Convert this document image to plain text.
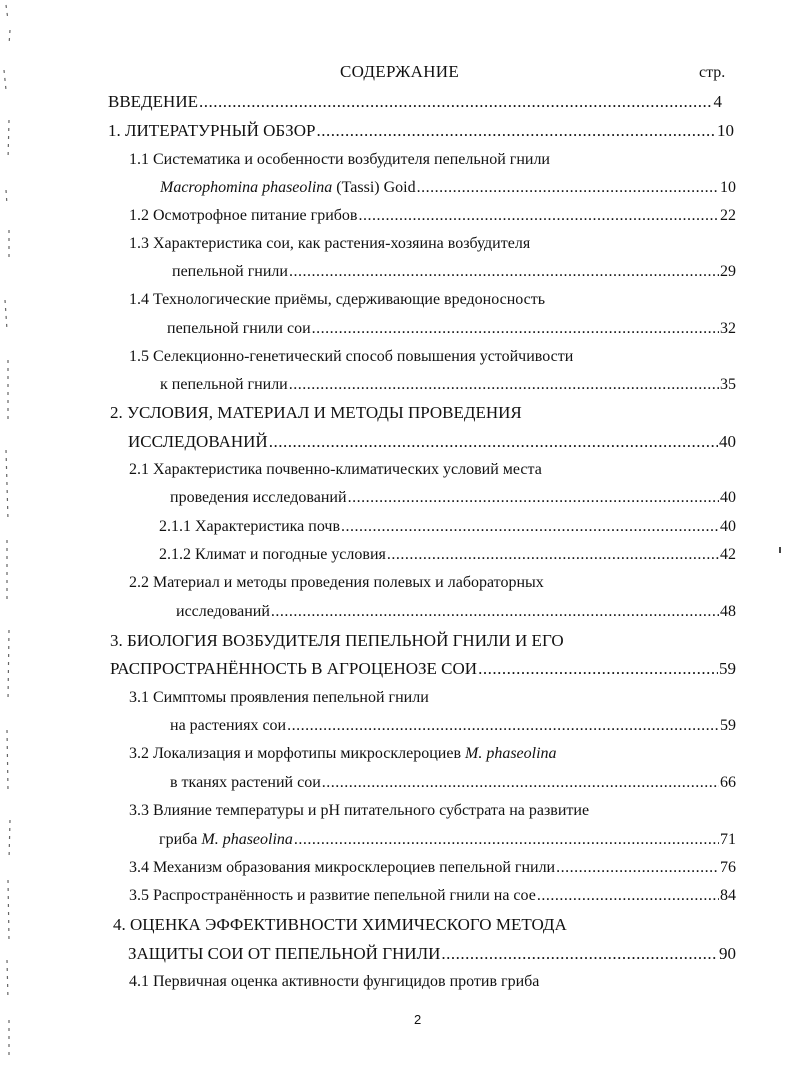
СОДЕРЖАНИЕ	стр.
ВВЕДЕНИЕ .....	4
1. ЛИТЕРАТУРНЫЙ ОБЗОР .....	10
1.1 Систематика и особенности возбудителя пепельной гнили
Macrophomina phaseolina (Tassi) Goid .....	10
1.2 Осмотрофное питание грибов .....	22
1.3 Характеристика сои, как растения-хозяина возбудителя
пепельной гнили .....	29
1.4 Технологические приёмы, сдерживающие вредоносность
пепельной гнили сои .....	32
1.5 Селекционно-генетический способ повышения устойчивости
к пепельной гнили .....	35
2. УСЛОВИЯ, МАТЕРИАЛ И МЕТОДЫ ПРОВЕДЕНИЯ
ИССЛЕДОВАНИЙ .....	40
2.1 Характеристика почвенно-климатических условий места
проведения исследований .....	40
2.1.1 Характеристика почв .....	40
2.1.2 Климат и погодные условия .....	42
2.2 Материал и методы проведения полевых и лабораторных
исследований .....	48
3. БИОЛОГИЯ ВОЗБУДИТЕЛЯ ПЕПЕЛЬНОЙ ГНИЛИ И ЕГО
РАСПРОСТРАНЁННОСТЬ В АГРОЦЕНОЗЕ СОИ .....	59
3.1 Симптомы проявления пепельной гнили
на растениях сои .....	59
3.2 Локализация и морфотипы микросклероциев M. phaseolina
в тканях растений сои .....	66
3.3 Влияние температуры и pH питательного субстрата на развитие
гриба M. phaseolina .....	71
3.4 Механизм образования микросклероциев пепельной гнили .....	76
3.5 Распространённость и развитие пепельной гнили на сое .....	84
4. ОЦЕНКА ЭФФЕКТИВНОСТИ ХИМИЧЕСКОГО МЕТОДА
ЗАЩИТЫ СОИ ОТ ПЕПЕЛЬНОЙ ГНИЛИ .....	90
4.1 Первичная оценка активности фунгицидов против гриба
2
